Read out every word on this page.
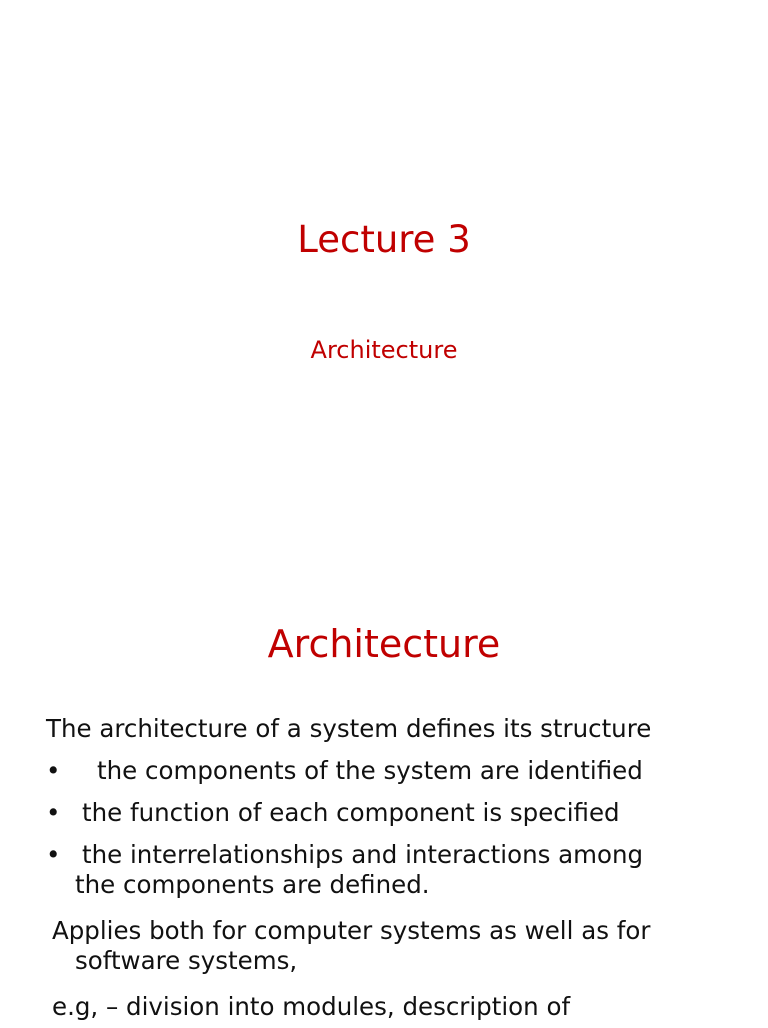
Lecture 3
Architecture
Architecture
The architecture of a system defines its structure
• the components of the system are identified
• the function of each component is specified
• the interrelationships and interactions among
the components are defined.
Applies both for computer systems as well as for
software systems,
e.g, – division into modules, description of
